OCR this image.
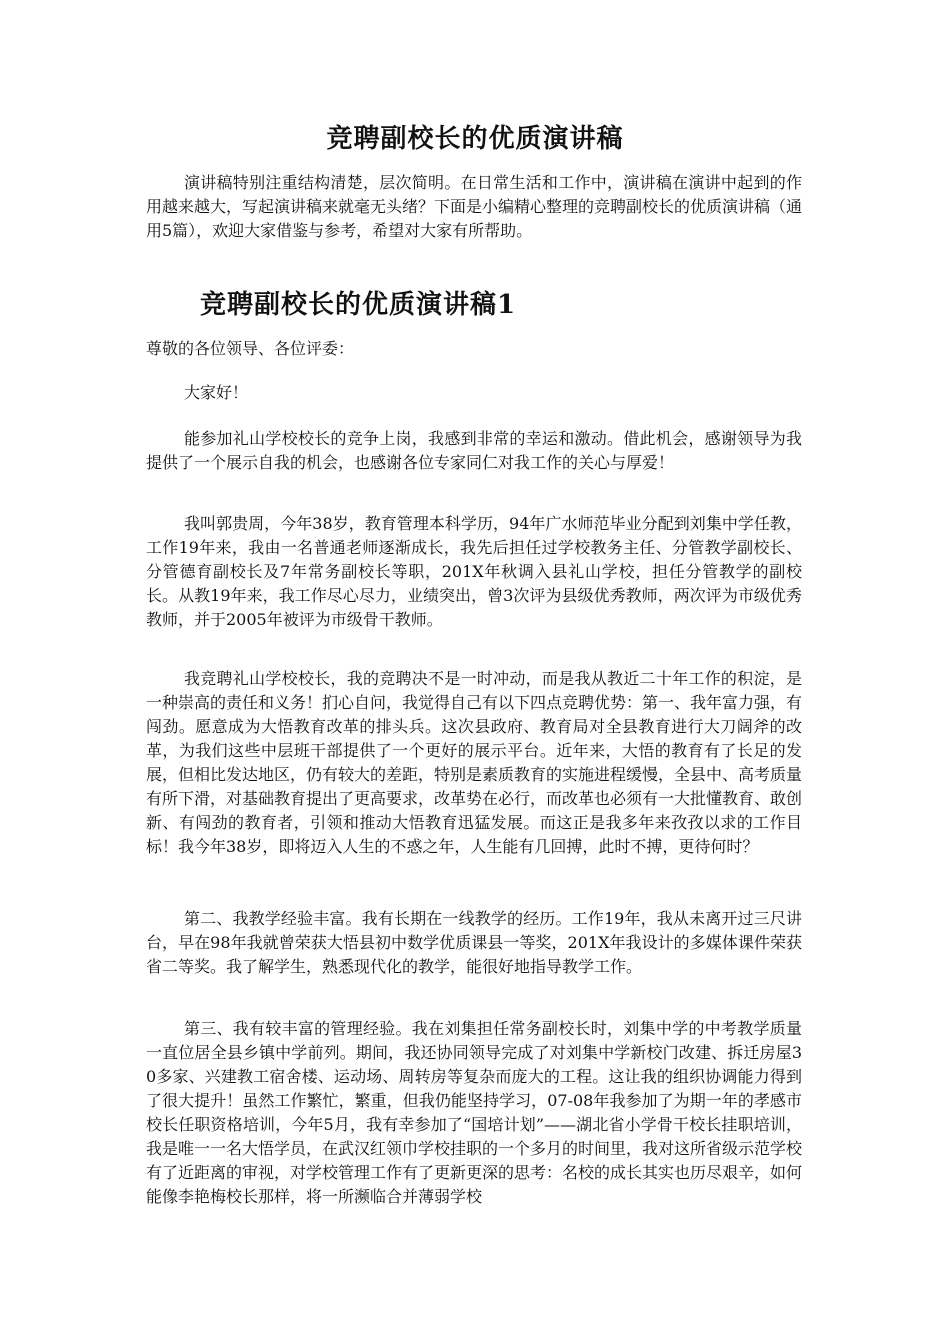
竞聘副校长的优质演讲稿

演讲稿特别注重结构清楚，层次简明。在日常生活和工作中，演讲稿在演讲中起到的作用越来越大，写起演讲稿来就毫无头绪？下面是小编精心整理的竞聘副校长的优质演讲稿（通用5篇），欢迎大家借鉴与参考，希望对大家有所帮助。

竞聘副校长的优质演讲稿1

尊敬的各位领导、各位评委：

大家好！

能参加礼山学校校长的竞争上岗，我感到非常的幸运和激动。借此机会，感谢领导为我提供了一个展示自我的机会，也感谢各位专家同仁对我工作的关心与厚爱！

我叫郭贵周，今年38岁，教育管理本科学历，94年广水师范毕业分配到刘集中学任教，工作19年来，我由一名普通老师逐渐成长，我先后担任过学校教务主任、分管教学副校长、分管德育副校长及7年常务副校长等职，201X年秋调入县礼山学校，担任分管教学的副校长。从教19年来，我工作尽心尽力，业绩突出，曾3次评为县级优秀教师，两次评为市级优秀教师，并于2005年被评为市级骨干教师。

我竞聘礼山学校校长，我的竞聘决不是一时冲动，而是我从教近二十年工作的积淀，是一种崇高的责任和义务！扪心自问，我觉得自己有以下四点竞聘优势：第一、我年富力强，有闯劲。愿意成为大悟教育改革的排头兵。这次县政府、教育局对全县教育进行大刀阔斧的改革，为我们这些中层班干部提供了一个更好的展示平台。近年来，大悟的教育有了长足的发展，但相比发达地区，仍有较大的差距，特别是素质教育的实施进程缓慢，全县中、高考质量有所下滑，对基础教育提出了更高要求，改革势在必行，而改革也必须有一大批懂教育、敢创新、有闯劲的教育者，引领和推动大悟教育迅猛发展。而这正是我多年来孜孜以求的工作目标！我今年38岁，即将迈入人生的不惑之年，人生能有几回搏，此时不搏，更待何时？

第二、我教学经验丰富。我有长期在一线教学的经历。工作19年，我从未离开过三尺讲台，早在98年我就曾荣获大悟县初中数学优质课县一等奖，201X年我设计的多媒体课件荣获省二等奖。我了解学生，熟悉现代化的教学，能很好地指导教学工作。

第三、我有较丰富的管理经验。我在刘集担任常务副校长时，刘集中学的中考教学质量一直位居全县乡镇中学前列。期间，我还协同领导完成了对刘集中学新校门改建、拆迁房屋30多家、兴建教工宿舍楼、运动场、周转房等复杂而庞大的工程。这让我的组织协调能力得到了很大提升！虽然工作繁忙，繁重，但我仍能坚持学习，07-08年我参加了为期一年的孝感市校长任职资格培训，今年5月，我有幸参加了“国培计划”——湖北省小学骨干校长挂职培训，我是唯一一名大悟学员，在武汉红领巾学校挂职的一个多月的时间里，我对这所省级示范学校有了近距离的审视，对学校管理工作有了更新更深的思考：名校的成长其实也历尽艰辛，如何能像李艳梅校长那样，将一所濒临合并薄弱学校
